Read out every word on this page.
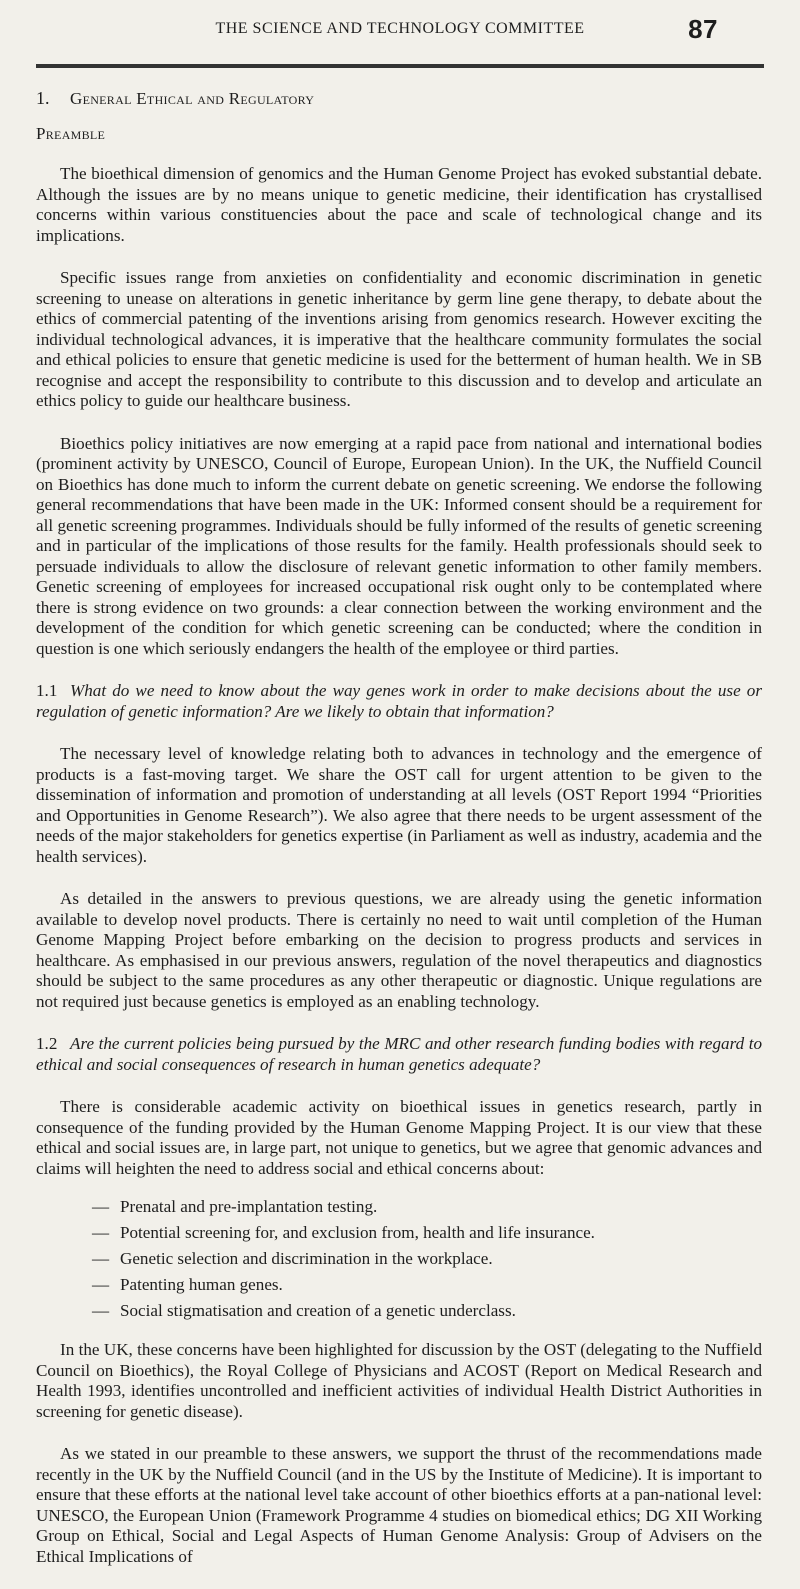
THE SCIENCE AND TECHNOLOGY COMMITTEE	87
1. General Ethical and Regulatory
Preamble

The bioethical dimension of genomics and the Human Genome Project has evoked substantial debate. Although the issues are by no means unique to genetic medicine, their identification has crystallised concerns within various constituencies about the pace and scale of technological change and its implications.

Specific issues range from anxieties on confidentiality and economic discrimination in genetic screening to unease on alterations in genetic inheritance by germ line gene therapy, to debate about the ethics of commercial patenting of the inventions arising from genomics research. However exciting the individual technological advances, it is imperative that the healthcare community formulates the social and ethical policies to ensure that genetic medicine is used for the betterment of human health. We in SB recognise and accept the responsibility to contribute to this discussion and to develop and articulate an ethics policy to guide our healthcare business.

Bioethics policy initiatives are now emerging at a rapid pace from national and international bodies (prominent activity by UNESCO, Council of Europe, European Union). In the UK, the Nuffield Council on Bioethics has done much to inform the current debate on genetic screening. We endorse the following general recommendations that have been made in the UK: Informed consent should be a requirement for all genetic screening programmes. Individuals should be fully informed of the results of genetic screening and in particular of the implications of those results for the family. Health professionals should seek to persuade individuals to allow the disclosure of relevant genetic information to other family members. Genetic screening of employees for increased occupational risk ought only to be contemplated where there is strong evidence on two grounds: a clear connection between the working environment and the development of the condition for which genetic screening can be conducted; where the condition in question is one which seriously endangers the health of the employee or third parties.

1.1 What do we need to know about the way genes work in order to make decisions about the use or regulation of genetic information? Are we likely to obtain that information?

The necessary level of knowledge relating both to advances in technology and the emergence of products is a fast-moving target. We share the OST call for urgent attention to be given to the dissemination of information and promotion of understanding at all levels (OST Report 1994 “Priorities and Opportunities in Genome Research”). We also agree that there needs to be urgent assessment of the needs of the major stakeholders for genetics expertise (in Parliament as well as industry, academia and the health services).

As detailed in the answers to previous questions, we are already using the genetic information available to develop novel products. There is certainly no need to wait until completion of the Human Genome Mapping Project before embarking on the decision to progress products and services in healthcare. As emphasised in our previous answers, regulation of the novel therapeutics and diagnostics should be subject to the same procedures as any other therapeutic or diagnostic. Unique regulations are not required just because genetics is employed as an enabling technology.

1.2 Are the current policies being pursued by the MRC and other research funding bodies with regard to ethical and social consequences of research in human genetics adequate?

There is considerable academic activity on bioethical issues in genetics research, partly in consequence of the funding provided by the Human Genome Mapping Project. It is our view that these ethical and social issues are, in large part, not unique to genetics, but we agree that genomic advances and claims will heighten the need to address social and ethical concerns about:

— Prenatal and pre-implantation testing.
— Potential screening for, and exclusion from, health and life insurance.
— Genetic selection and discrimination in the workplace.
— Patenting human genes.
— Social stigmatisation and creation of a genetic underclass.

In the UK, these concerns have been highlighted for discussion by the OST (delegating to the Nuffield Council on Bioethics), the Royal College of Physicians and ACOST (Report on Medical Research and Health 1993, identifies uncontrolled and inefficient activities of individual Health District Authorities in screening for genetic disease).

As we stated in our preamble to these answers, we support the thrust of the recommendations made recently in the UK by the Nuffield Council (and in the US by the Institute of Medicine). It is important to ensure that these efforts at the national level take account of other bioethics efforts at a pan-national level: UNESCO, the European Union (Framework Programme 4 studies on biomedical ethics; DG XII Working Group on Ethical, Social and Legal Aspects of Human Genome Analysis: Group of Advisers on the Ethical Implications of
